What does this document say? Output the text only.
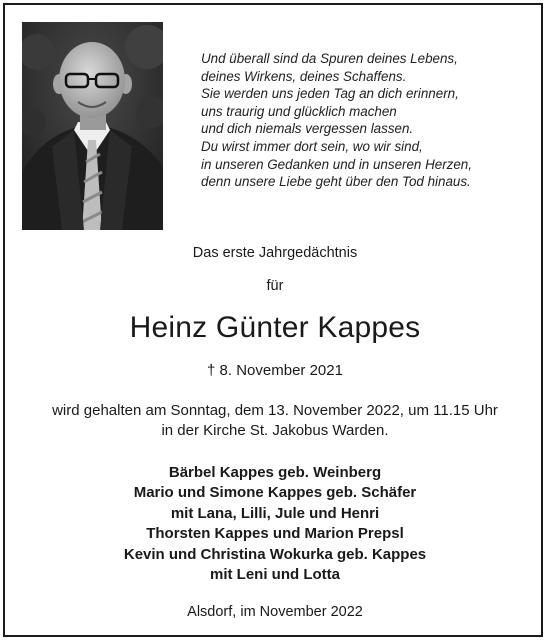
Und überall sind da Spuren deines Lebens,
deines Wirkens, deines Schaffens.
Sie werden uns jeden Tag an dich erinnern,
uns traurig und glücklich machen
und dich niemals vergessen lassen.
Du wirst immer dort sein, wo wir sind,
in unseren Gedanken und in unseren Herzen,
denn unsere Liebe geht über den Tod hinaus.
Das erste Jahrgedächtnis
für
Heinz Günter Kappes
† 8. November 2021
wird gehalten am Sonntag, dem 13. November 2022, um 11.15 Uhr
in der Kirche St. Jakobus Warden.
Bärbel Kappes geb. Weinberg
Mario und Simone Kappes geb. Schäfer
mit Lana, Lilli, Jule und Henri
Thorsten Kappes und Marion Prepsl
Kevin und Christina Wokurka geb. Kappes
mit Leni und Lotta
Alsdorf, im November 2022
